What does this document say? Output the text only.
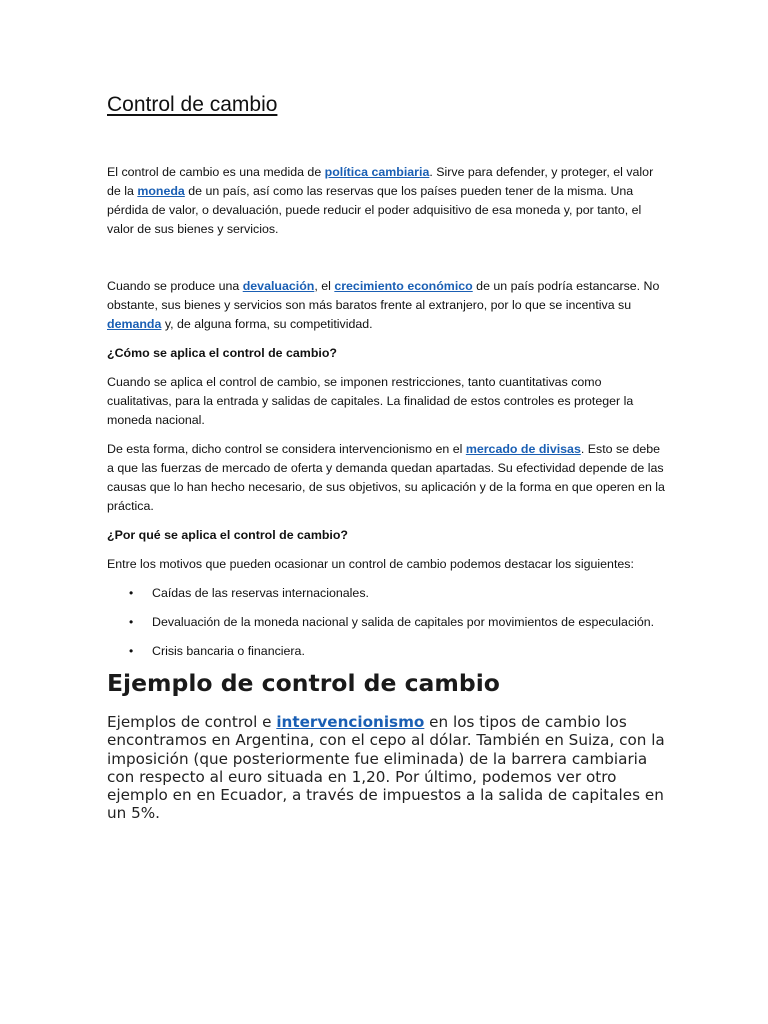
Control de cambio

El control de cambio es una medida de política cambiaria. Sirve para defender, y proteger, el valor de la moneda de un país, así como las reservas que los países pueden tener de la misma. Una pérdida de valor, o devaluación, puede reducir el poder adquisitivo de esa moneda y, por tanto, el valor de sus bienes y servicios.

Cuando se produce una devaluación, el crecimiento económico de un país podría estancarse. No obstante, sus bienes y servicios son más baratos frente al extranjero, por lo que se incentiva su demanda y, de alguna forma, su competitividad.

¿Cómo se aplica el control de cambio?

Cuando se aplica el control de cambio, se imponen restricciones, tanto cuantitativas como cualitativas, para la entrada y salidas de capitales. La finalidad de estos controles es proteger la moneda nacional.

De esta forma, dicho control se considera intervencionismo en el mercado de divisas. Esto se debe a que las fuerzas de mercado de oferta y demanda quedan apartadas. Su efectividad depende de las causas que lo han hecho necesario, de sus objetivos, su aplicación y de la forma en que operen en la práctica.

¿Por qué se aplica el control de cambio?

Entre los motivos que pueden ocasionar un control de cambio podemos destacar los siguientes:

• Caídas de las reservas internacionales.
• Devaluación de la moneda nacional y salida de capitales por movimientos de especulación.
• Crisis bancaria o financiera.
Ejemplo de control de cambio

Ejemplos de control e intervencionismo en los tipos de cambio los encontramos en Argentina, con el cepo al dólar. También en Suiza, con la imposición (que posteriormente fue eliminada) de la barrera cambiaria con respecto al euro situada en 1,20. Por último, podemos ver otro ejemplo en en Ecuador, a través de impuestos a la salida de capitales en un 5%.
